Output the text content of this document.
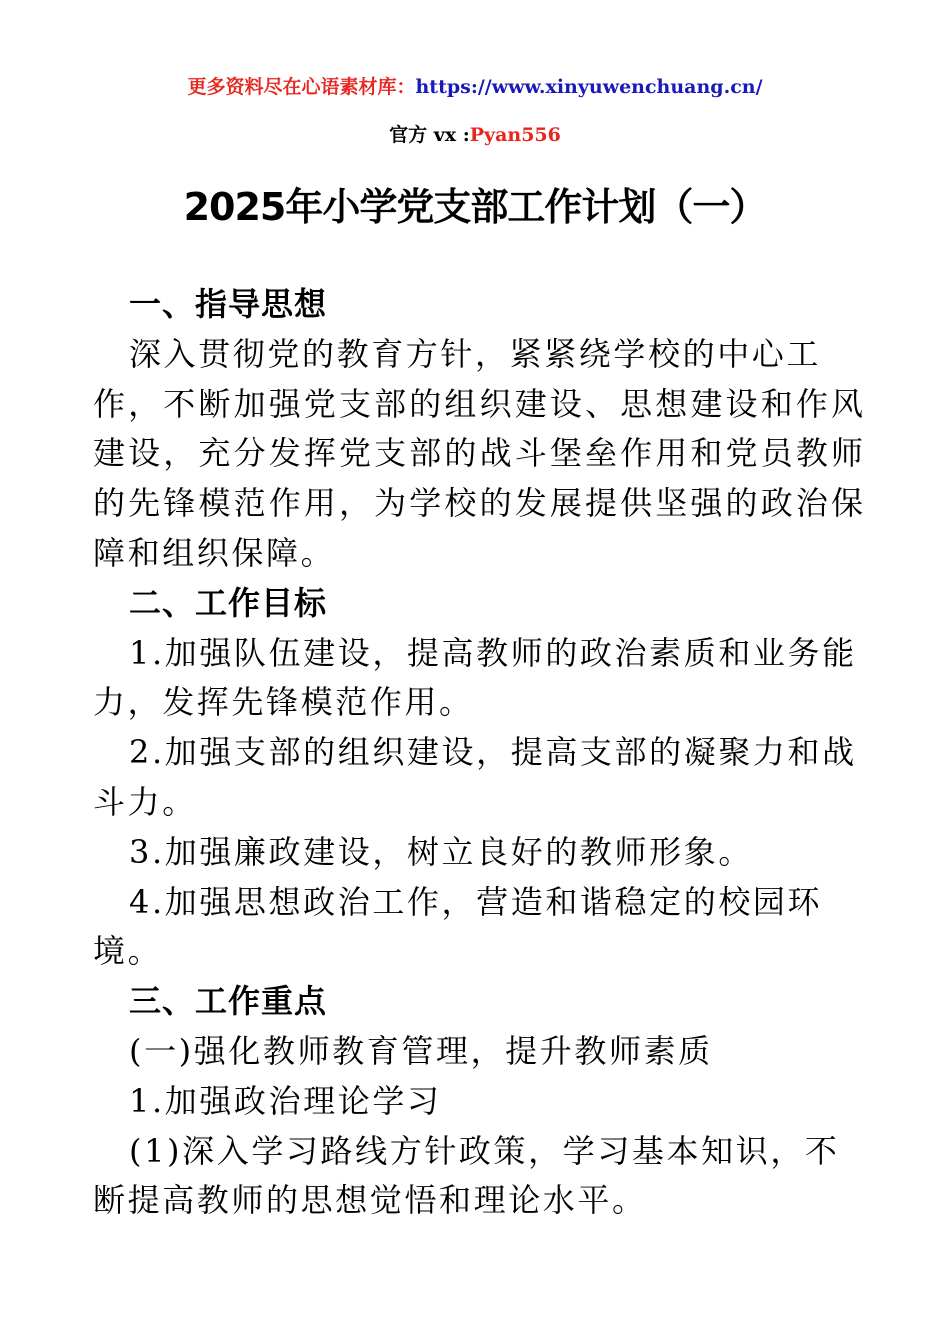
更多资料尽在心语素材库：https://www.xinyuwenchuang.cn/
官方 vx :Pyan556
2025年小学党支部工作计划（一）
一、指导思想
深入贯彻党的教育方针，紧紧绕学校的中心工
作，不断加强党支部的组织建设、思想建设和作风
建设，充分发挥党支部的战斗堡垒作用和党员教师
的先锋模范作用，为学校的发展提供坚强的政治保
障和组织保障。
二、工作目标
1.加强队伍建设，提高教师的政治素质和业务能
力，发挥先锋模范作用。
2.加强支部的组织建设，提高支部的凝聚力和战
斗力。
3.加强廉政建设，树立良好的教师形象。
4.加强思想政治工作，营造和谐稳定的校园环
境。
三、工作重点
(一)强化教师教育管理，提升教师素质
1.加强政治理论学习
(1)深入学习路线方针政策，学习基本知识，不
断提高教师的思想觉悟和理论水平。
